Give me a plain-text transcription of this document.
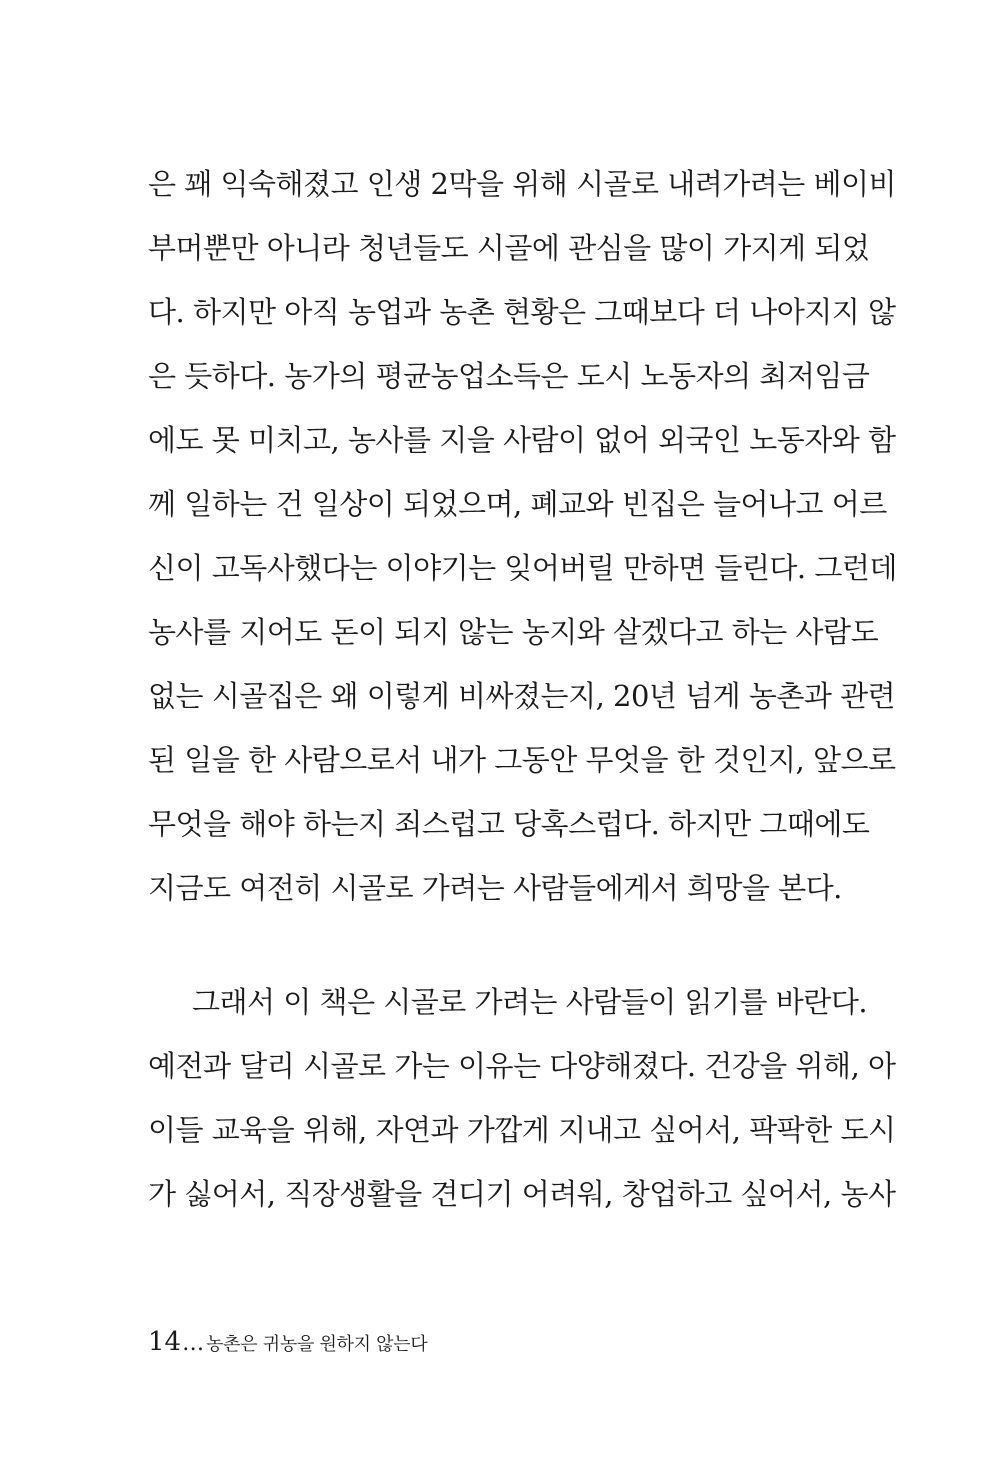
은 꽤 익숙해졌고 인생 2막을 위해 시골로 내려가려는 베이비
부머뿐만 아니라 청년들도 시골에 관심을 많이 가지게 되었
다. 하지만 아직 농업과 농촌 현황은 그때보다 더 나아지지 않
은 듯하다. 농가의 평균농업소득은 도시 노동자의 최저임금
에도 못 미치고, 농사를 지을 사람이 없어 외국인 노동자와 함
께 일하는 건 일상이 되었으며, 폐교와 빈집은 늘어나고 어르
신이 고독사했다는 이야기는 잊어버릴 만하면 들린다. 그런데
농사를 지어도 돈이 되지 않는 농지와 살겠다고 하는 사람도
없는 시골집은 왜 이렇게 비싸졌는지, 20년 넘게 농촌과 관련
된 일을 한 사람으로서 내가 그동안 무엇을 한 것인지, 앞으로
무엇을 해야 하는지 죄스럽고 당혹스럽다. 하지만 그때에도
지금도 여전히 시골로 가려는 사람들에게서 희망을 본다.
그래서 이 책은 시골로 가려는 사람들이 읽기를 바란다.
예전과 달리 시골로 가는 이유는 다양해졌다. 건강을 위해, 아
이들 교육을 위해, 자연과 가깝게 지내고 싶어서, 팍팍한 도시
가 싫어서, 직장생활을 견디기 어려워, 창업하고 싶어서, 농사
14… 농촌은 귀농을 원하지 않는다
